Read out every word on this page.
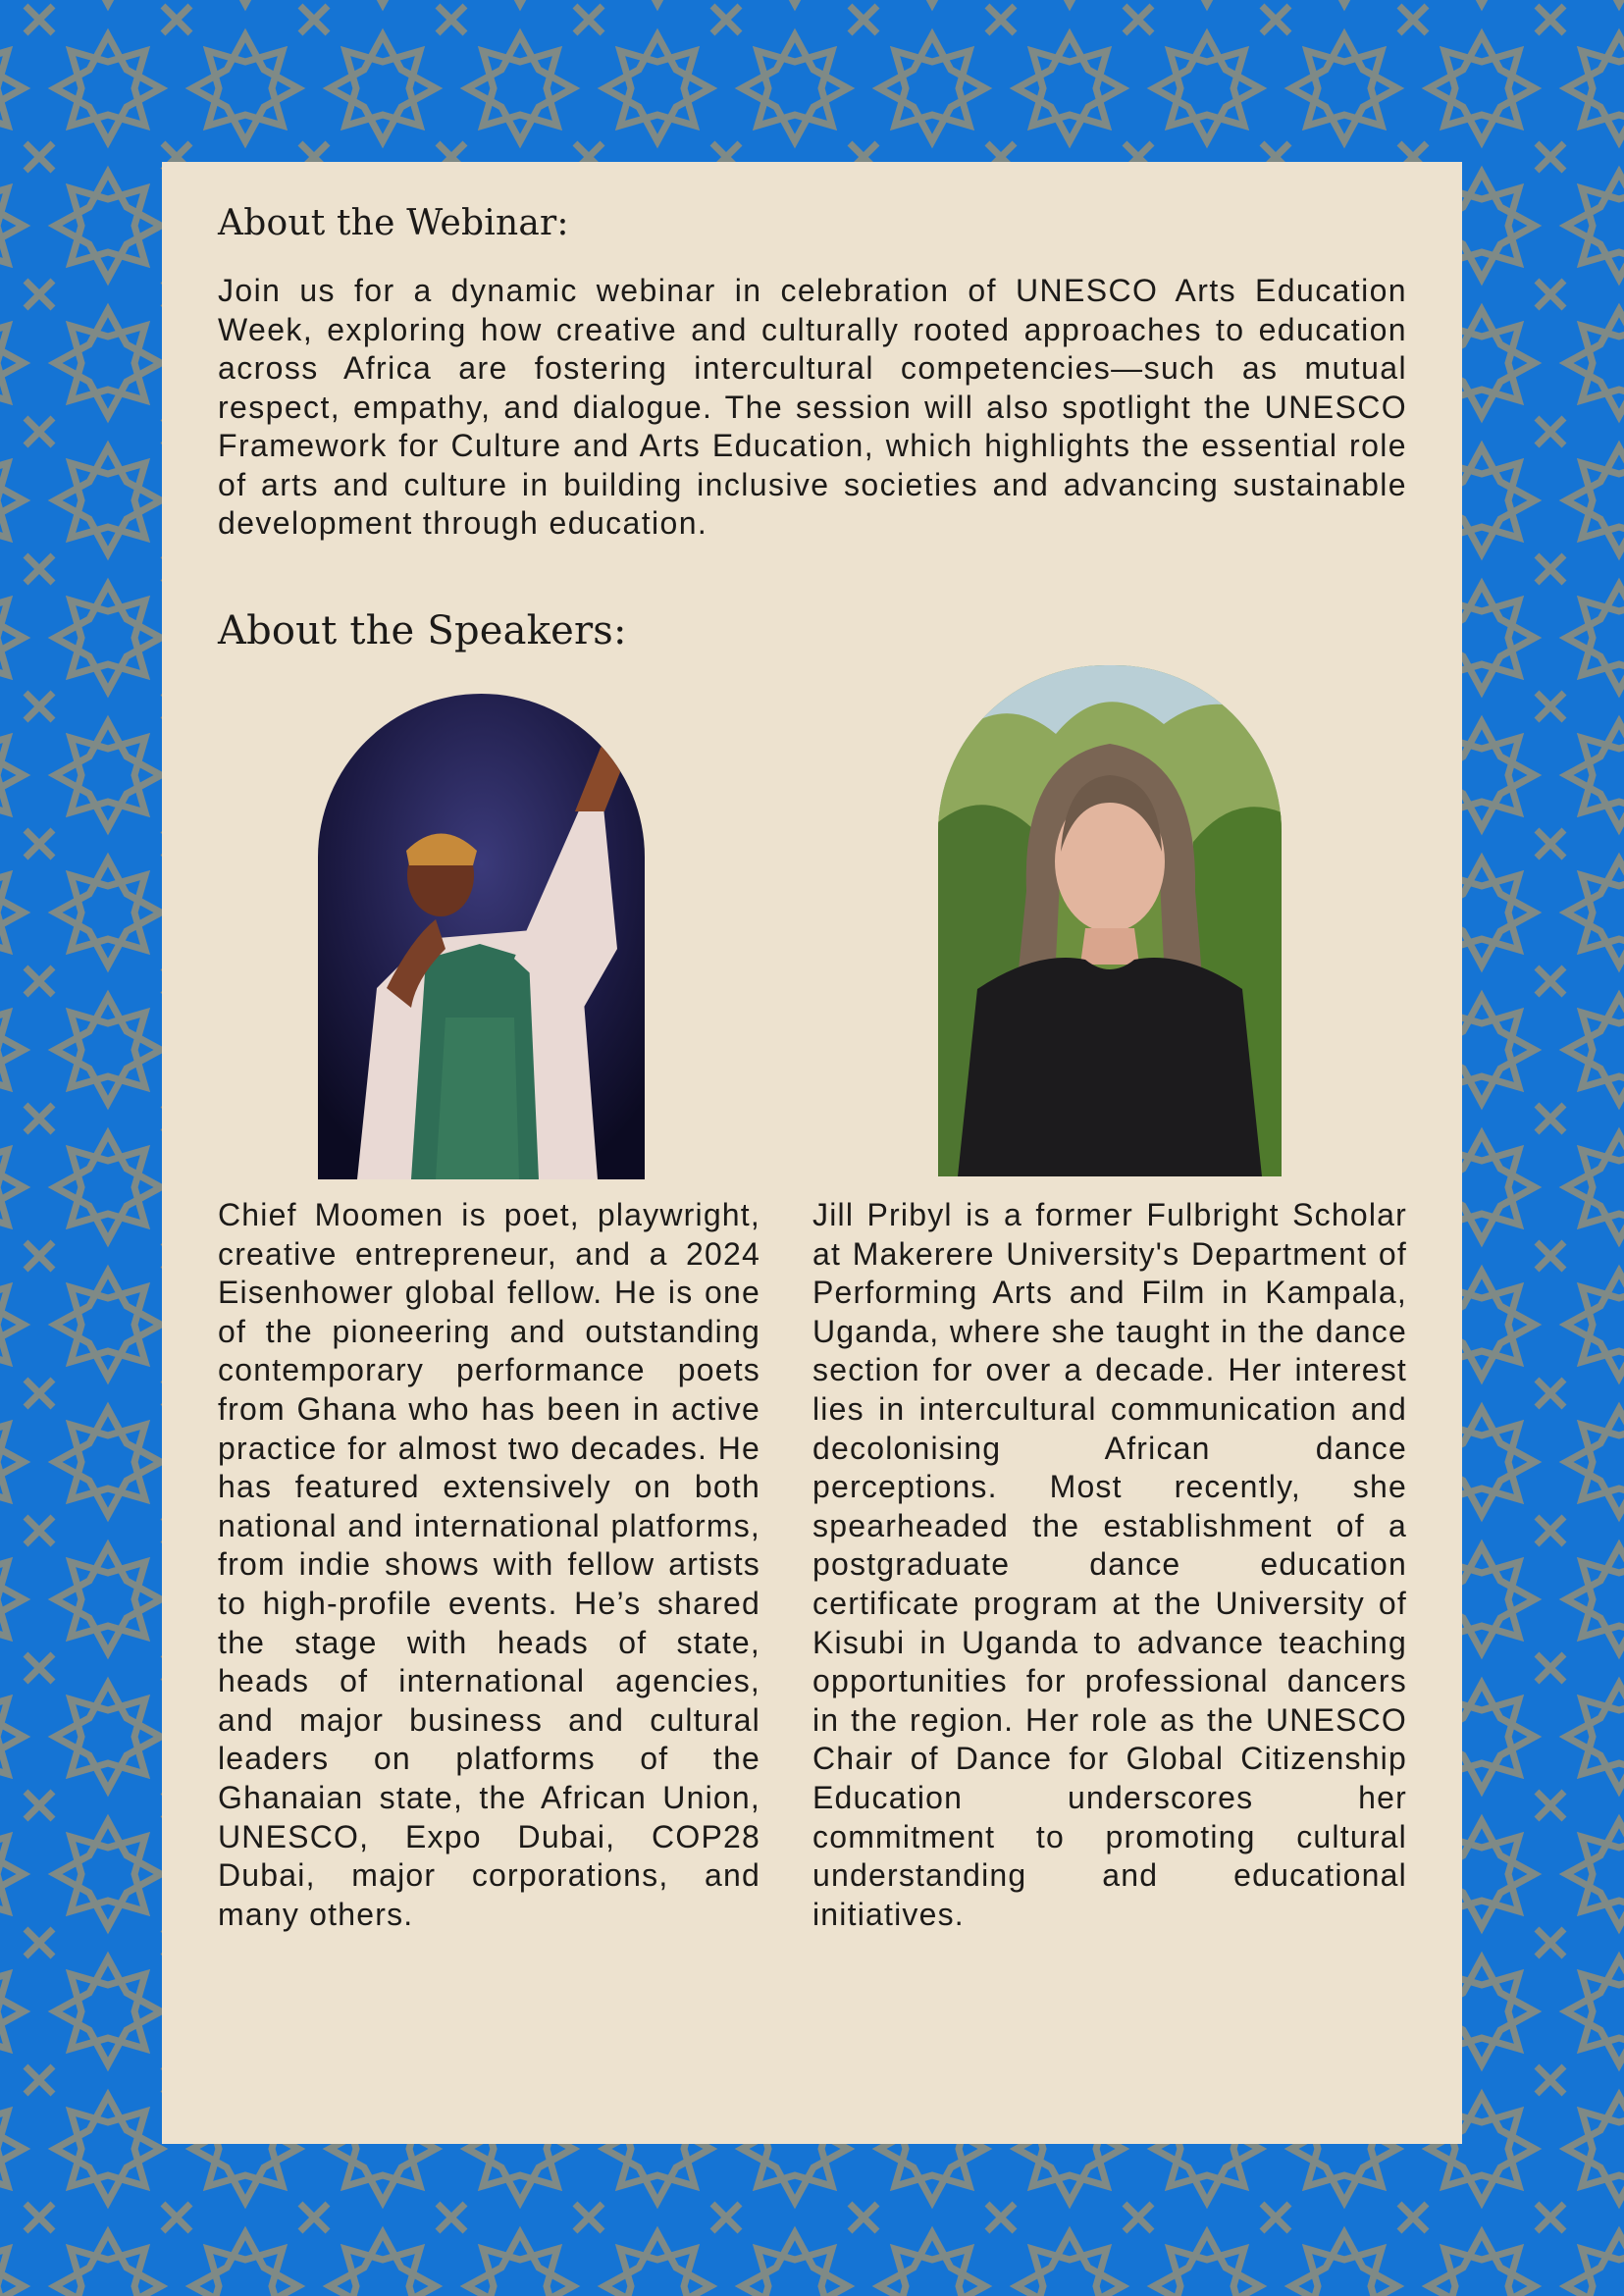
About the Webinar:

Join us for a dynamic webinar in celebration of UNESCO Arts Education Week, exploring how creative and culturally rooted approaches to education across Africa are fostering intercultural competencies—such as mutual respect, empathy, and dialogue. The session will also spotlight the UNESCO Framework for Culture and Arts Education, which highlights the essential role of arts and culture in building inclusive societies and advancing sustainable development through education.

About the Speakers:

Chief Moomen is poet, playwright, creative entrepreneur, and a 2024 Eisenhower global fellow. He is one of the pioneering and outstanding contemporary performance poets from Ghana who has been in active practice for almost two decades. He has featured extensively on both national and international platforms, from indie shows with fellow artists to high-profile events. He’s shared the stage with heads of state, heads of international agencies, and major business and cultural leaders on platforms of the Ghanaian state, the African Union, UNESCO, Expo Dubai, COP28 Dubai, major corporations, and many others.

Jill Pribyl is a former Fulbright Scholar at Makerere University's Department of Performing Arts and Film in Kampala, Uganda, where she taught in the dance section for over a decade. Her interest lies in intercultural communication and decolonising African dance perceptions. Most recently, she spearheaded the establishment of a postgraduate dance education certificate program at the University of Kisubi in Uganda to advance teaching opportunities for professional dancers in the region. Her role as the UNESCO Chair of Dance for Global Citizenship Education underscores her commitment to promoting cultural understanding and educational initiatives.
